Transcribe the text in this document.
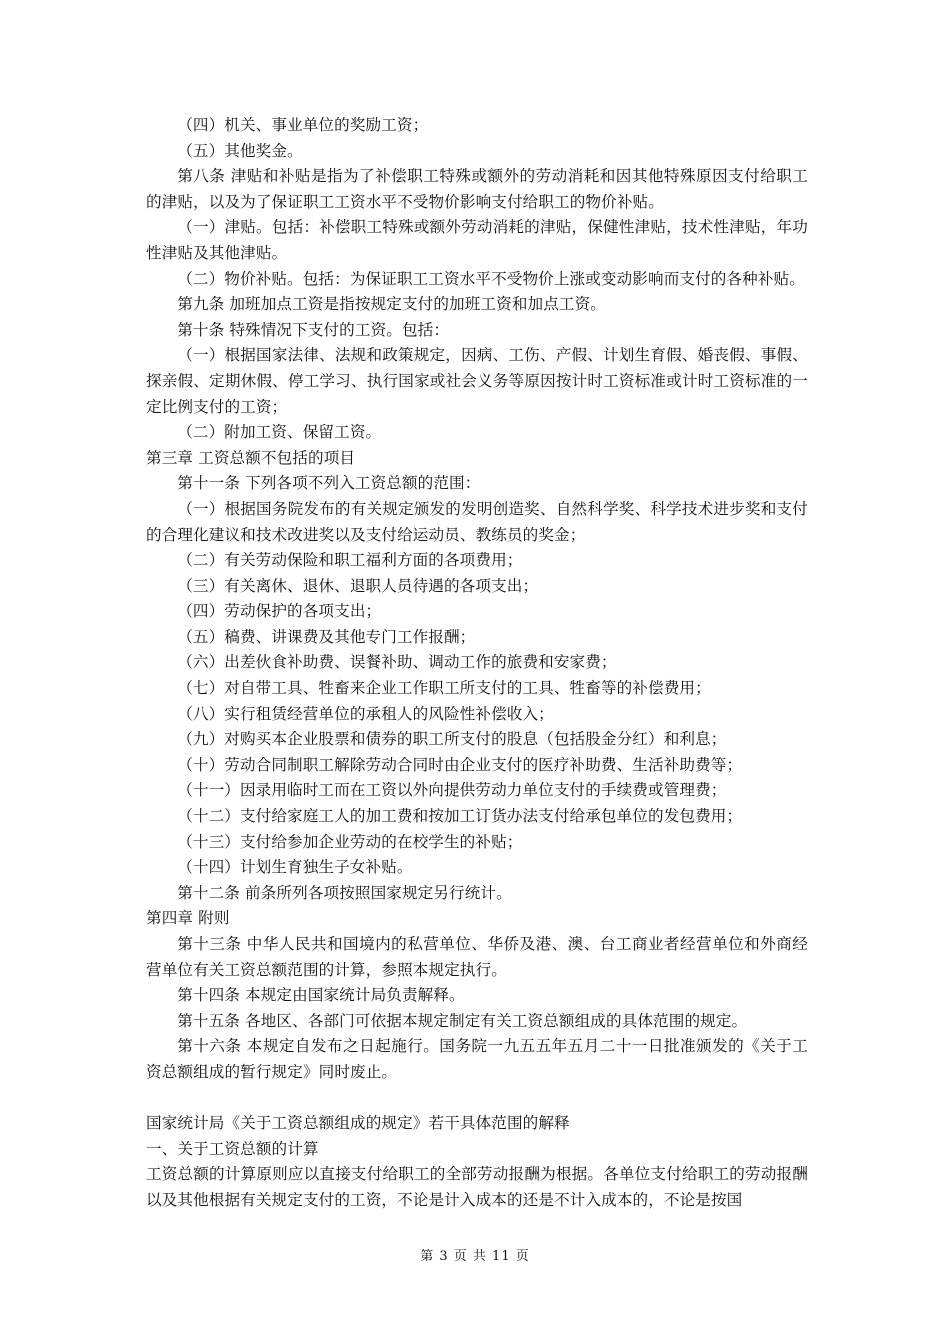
（四）机关、事业单位的奖励工资；

（五）其他奖金。

第八条 津贴和补贴是指为了补偿职工特殊或额外的劳动消耗和因其他特殊原因支付给职工的津贴，以及为了保证职工工资水平不受物价影响支付给职工的物价补贴。

（一）津贴。包括：补偿职工特殊或额外劳动消耗的津贴，保健性津贴，技术性津贴，年功性津贴及其他津贴。

（二）物价补贴。包括：为保证职工工资水平不受物价上涨或变动影响而支付的各种补贴。

第九条 加班加点工资是指按规定支付的加班工资和加点工资。

第十条 特殊情况下支付的工资。包括：

（一）根据国家法律、法规和政策规定，因病、工伤、产假、计划生育假、婚丧假、事假、探亲假、定期休假、停工学习、执行国家或社会义务等原因按计时工资标准或计时工资标准的一定比例支付的工资；

（二）附加工资、保留工资。

第三章 工资总额不包括的项目

第十一条 下列各项不列入工资总额的范围：

（一）根据国务院发布的有关规定颁发的发明创造奖、自然科学奖、科学技术进步奖和支付的合理化建议和技术改进奖以及支付给运动员、教练员的奖金；

（二）有关劳动保险和职工福利方面的各项费用；

（三）有关离休、退休、退职人员待遇的各项支出；

（四）劳动保护的各项支出；

（五）稿费、讲课费及其他专门工作报酬；

（六）出差伙食补助费、误餐补助、调动工作的旅费和安家费；

（七）对自带工具、牲畜来企业工作职工所支付的工具、牲畜等的补偿费用；

（八）实行租赁经营单位的承租人的风险性补偿收入；

（九）对购买本企业股票和债券的职工所支付的股息（包括股金分红）和利息；

（十）劳动合同制职工解除劳动合同时由企业支付的医疗补助费、生活补助费等；

（十一）因录用临时工而在工资以外向提供劳动力单位支付的手续费或管理费；

（十二）支付给家庭工人的加工费和按加工订货办法支付给承包单位的发包费用；

（十三）支付给参加企业劳动的在校学生的补贴；

（十四）计划生育独生子女补贴。

第十二条 前条所列各项按照国家规定另行统计。

第四章 附则

第十三条 中华人民共和国境内的私营单位、华侨及港、澳、台工商业者经营单位和外商经营单位有关工资总额范围的计算，参照本规定执行。

第十四条 本规定由国家统计局负责解释。

第十五条 各地区、各部门可依据本规定制定有关工资总额组成的具体范围的规定。

第十六条 本规定自发布之日起施行。国务院一九五五年五月二十一日批准颁发的《关于工资总额组成的暂行规定》同时废止。

国家统计局《关于工资总额组成的规定》若干具体范围的解释

一、关于工资总额的计算

工资总额的计算原则应以直接支付给职工的全部劳动报酬为根据。各单位支付给职工的劳动报酬以及其他根据有关规定支付的工资，不论是计入成本的还是不计入成本的，不论是按国

第 3 页 共 11 页
